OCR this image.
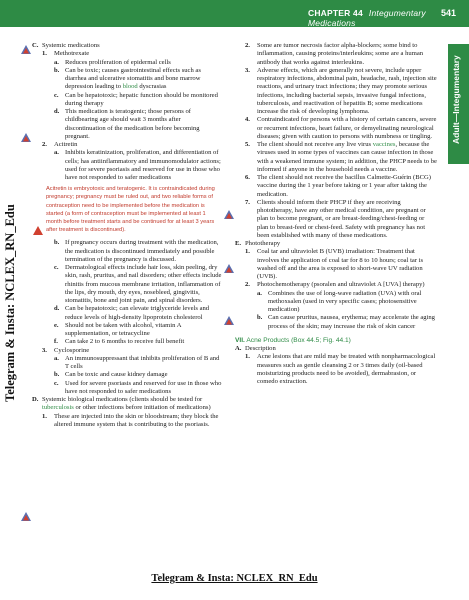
CHAPTER 44 Integumentary Medications
541
Adult—Integumentary
Telegram & Insta: NCLEX_RN_Edu
C. Systemic medications
1. Methotrexate
a. Reduces proliferation of epidermal cells
b. Can be toxic; causes gastrointestinal effects such as diarrhea and ulcerative stomatitis and bone marrow depression leading to blood dyscrasias
c. Can be hepatotoxic; hepatic function should be monitored during therapy
d. This medication is teratogenic; those persons of childbearing age should wait 3 months after discontinuation of the medication before becoming pregnant.
2. Acitretin
a. Inhibits keratinization, proliferation, and differentiation of cells; has antiinflammatory and immunomodulator actions; used for severe psoriasis and reserved for use in those who have not responded to safer medications
Acitretin is embryotoxic and teratogenic. It is contraindicated during pregnancy; pregnancy must be ruled out, and two reliable forms of contraception need to be implemented before the medication is started (a form of contraception must be implemented at least 1 month before treatment starts and be continued for at least 3 years after treatment is discontinued).
b. If pregnancy occurs during treatment with the medication, the medication is discontinued immediately and possible termination of the pregnancy is discussed.
c. Dermatological effects include hair loss, skin peeling, dry skin, rash, pruritus, and nail disorders; other effects include rhinitis from mucous membrane irritation, inflammation of the lips, dry mouth, dry eyes, nosebleed, gingivitis, stomatitis, bone and joint pain, and spinal disorders.
d. Can be hepatotoxic; can elevate triglyceride levels and reduce levels of high-density lipoprotein cholesterol
e. Should not be taken with alcohol, vitamin A supplementation, or tetracycline
f. Can take 2 to 6 months to receive full benefit
3. Cyclosporine
a. An immunosuppressant that inhibits proliferation of B and T cells
b. Can be toxic and cause kidney damage
c. Used for severe psoriasis and reserved for use in those who have not responded to safer medications
D. Systemic biological medications (clients should be tested for tuberculosis or other infections before initiation of medications)
1. These are injected into the skin or bloodstream; they block the altered immune system that is contributing to the psoriasis.
2. Some are tumor necrosis factor alpha-blockers; some bind to inflammation, causing proteins/interleukins; some are a human antibody that works against interleukins.
3. Adverse effects, which are generally not severe, include upper respiratory infections, abdominal pain, headache, rash, injection site reactions, and urinary tract infections; they may promote serious infections, including bacterial sepsis, invasive fungal infections, tuberculosis, and reactivation of hepatitis B; some medications increase the risk of developing lymphoma.
4. Contraindicated for persons with a history of certain cancers, severe or recurrent infections, heart failure, or demyelinating neurological diseases; given with caution to persons with numbness or tingling.
5. The client should not receive any live virus vaccines, because the viruses used in some types of vaccines can cause infection in those with a weakened immune system; in addition, the PHCP needs to be informed if anyone in the household needs a vaccine.
6. The client should not receive the bacillus Calmette-Guérin (BCG) vaccine during the 1 year before taking or 1 year after taking the medication.
7. Clients should inform their PHCP if they are receiving phototherapy, have any other medical condition, are pregnant or plan to become pregnant, or are breast-feeding/chest-feeding or plan to breast-feed or chest-feed. Safety with pregnancy has not been established with many of these medications.
E. Phototherapy
1. Coal tar and ultraviolet B (UVB) irradiation: Treatment that involves the application of coal tar for 8 to 10 hours; coal tar is washed off and the area is exposed to short-wave UV radiation (UVB).
2. Photochemotherapy (psoralen and ultraviolet A [UVA] therapy)
a. Combines the use of long-wave radiation (UVA) with oral methoxsalen (used in very specific cases; photosensitive medication)
b. Can cause pruritus, nausea, erythema; may accelerate the aging process of the skin; may increase the risk of skin cancer
VII. Acne Products (Box 44.5; Fig. 44.1)
A. Description
1. Acne lesions that are mild may be treated with nonpharmacological measures such as gentle cleansing 2 or 3 times daily (oil-based moisturizing products need to be avoided), dermabrasion, or comedo extraction.
Telegram & Insta: NCLEX_RN_Edu
